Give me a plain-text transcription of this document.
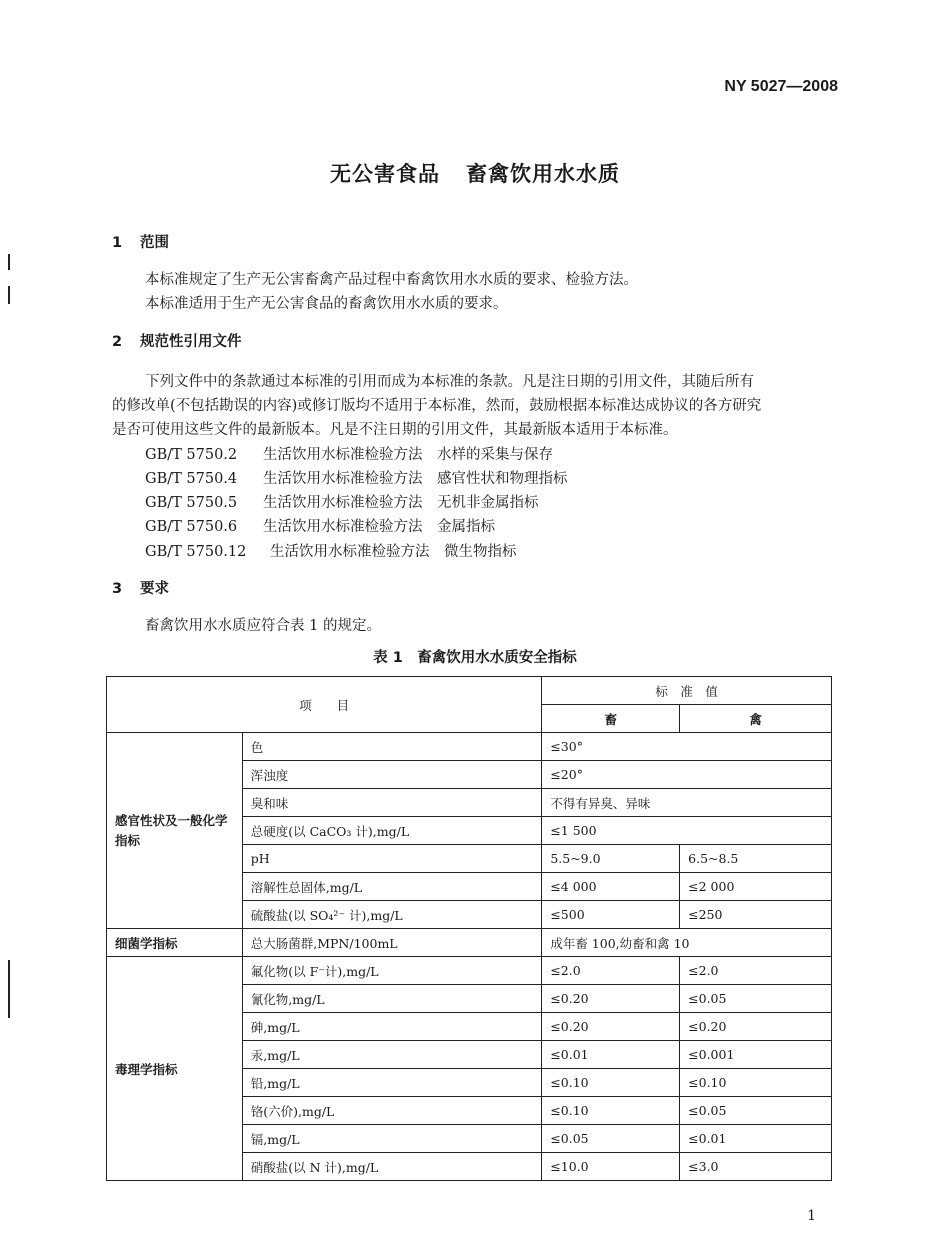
NY 5027—2008
无公害食品 畜禽饮用水水质
1 范围
本标准规定了生产无公害畜禽产品过程中畜禽饮用水水质的要求、检验方法。
本标准适用于生产无公害食品的畜禽饮用水水质的要求。
2 规范性引用文件
下列文件中的条款通过本标准的引用而成为本标准的条款。凡是注日期的引用文件，其随后所有
的修改单(不包括勘误的内容)或修订版均不适用于本标准，然而，鼓励根据本标准达成协议的各方研究
是否可使用这些文件的最新版本。凡是不注日期的引用文件，其最新版本适用于本标准。
GB/T 5750.2 生活饮用水标准检验方法　水样的采集与保存
GB/T 5750.4 生活饮用水标准检验方法　感官性状和物理指标
GB/T 5750.5 生活饮用水标准检验方法　无机非金属指标
GB/T 5750.6 生活饮用水标准检验方法　金属指标
GB/T 5750.12 生活饮用水标准检验方法　微生物指标
3 要求
畜禽饮用水水质应符合表 1 的规定。
表 1　畜禽饮用水水质安全指标
项　　目		标　准　值	
		畜	禽
感官性状及一般化学指标	色	≤30°	
	浑浊度	≤20°	
	臭和味	不得有异臭、异味	
	总硬度(以 CaCO₃ 计),mg/L	≤1 500	
	pH	5.5~9.0	6.5~8.5
	溶解性总固体,mg/L	≤4 000	≤2 000
	硫酸盐(以 SO₄²⁻ 计),mg/L	≤500	≤250
细菌学指标	总大肠菌群,MPN/100mL	成年畜 100,幼畜和禽 10	
毒理学指标	氟化物(以 F⁻计),mg/L	≤2.0	≤2.0
	氰化物,mg/L	≤0.20	≤0.05
	砷,mg/L	≤0.20	≤0.20
	汞,mg/L	≤0.01	≤0.001
	铅,mg/L	≤0.10	≤0.10
	铬(六价),mg/L	≤0.10	≤0.05
	镉,mg/L	≤0.05	≤0.01
	硝酸盐(以 N 计),mg/L	≤10.0	≤3.0
1
